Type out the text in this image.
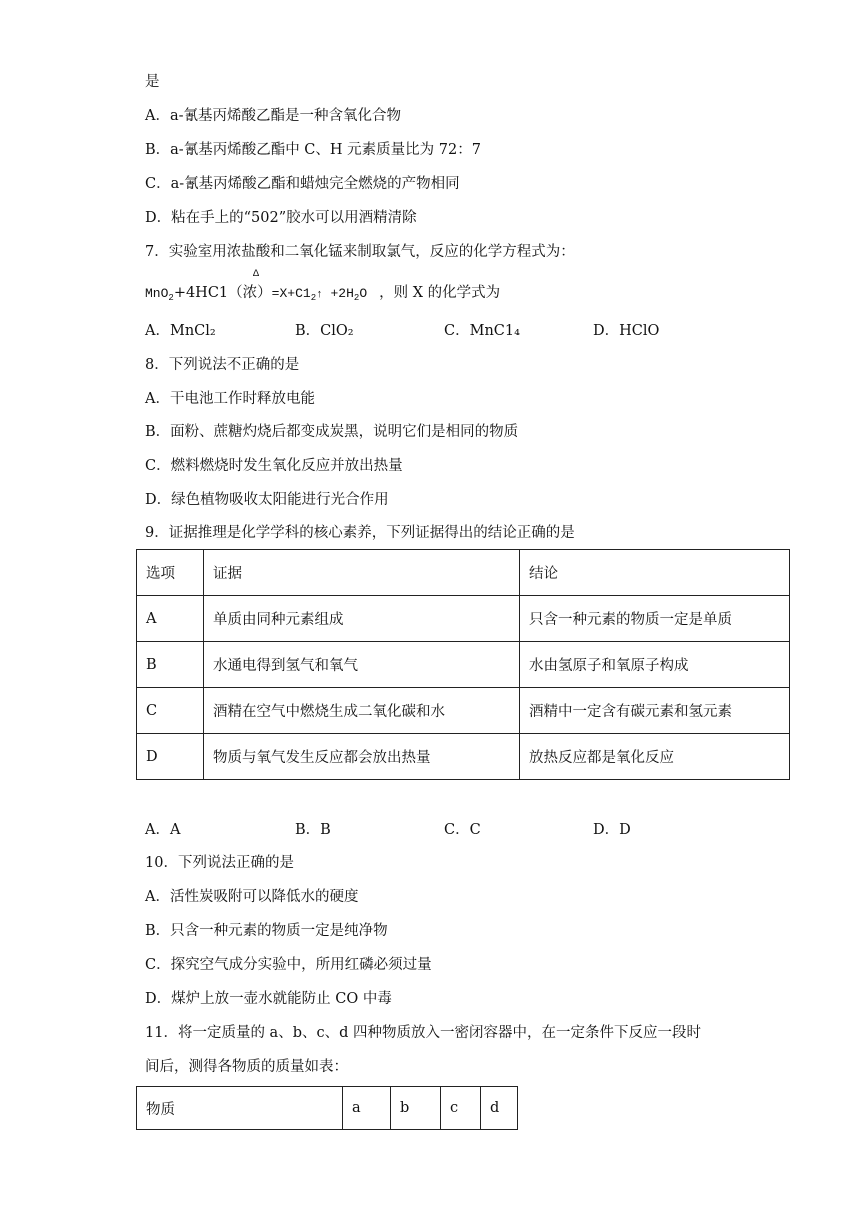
是
A．a-氰基丙烯酸乙酯是一种含氧化合物
B．a-氰基丙烯酸乙酯中 C、H 元素质量比为 72：7
C．a-氰基丙烯酸乙酯和蜡烛完全燃烧的产物相同
D．粘在手上的“502”胶水可以用酒精清除
7．实验室用浓盐酸和二氧化锰来制取氯气，反应的化学方程式为：
MnO$_2$+4HC1（浓）$=X+C1_2↑ +2H_2O$ ，则 X 的化学式为
Δ
A．MnCl₂	B．ClO₂	C．MnC1₄	D．HClO
8．下列说法不正确的是
A．干电池工作时释放电能
B．面粉、蔗糖灼烧后都变成炭黑，说明它们是相同的物质
C．燃料燃烧时发生氧化反应并放出热量
D．绿色植物吸收太阳能进行光合作用
9．证据推理是化学学科的核心素养，下列证据得出的结论正确的是
选项	证据	结论
A	单质由同种元素组成	只含一种元素的物质一定是单质
B	水通电得到氢气和氧气	水由氢原子和氧原子构成
C	酒精在空气中燃烧生成二氧化碳和水	酒精中一定含有碳元素和氢元素
D	物质与氧气发生反应都会放出热量	放热反应都是氧化反应
A．A	B．B	C．C	D．D
10．下列说法正确的是
A．活性炭吸附可以降低水的硬度
B．只含一种元素的物质一定是纯净物
C．探究空气成分实验中，所用红磷必须过量
D．煤炉上放一壶水就能防止 CO 中毒
11．将一定质量的 a、b、c、d 四种物质放入一密闭容器中，在一定条件下反应一段时
间后，测得各物质的质量如表：
物质	a	b	c	d
